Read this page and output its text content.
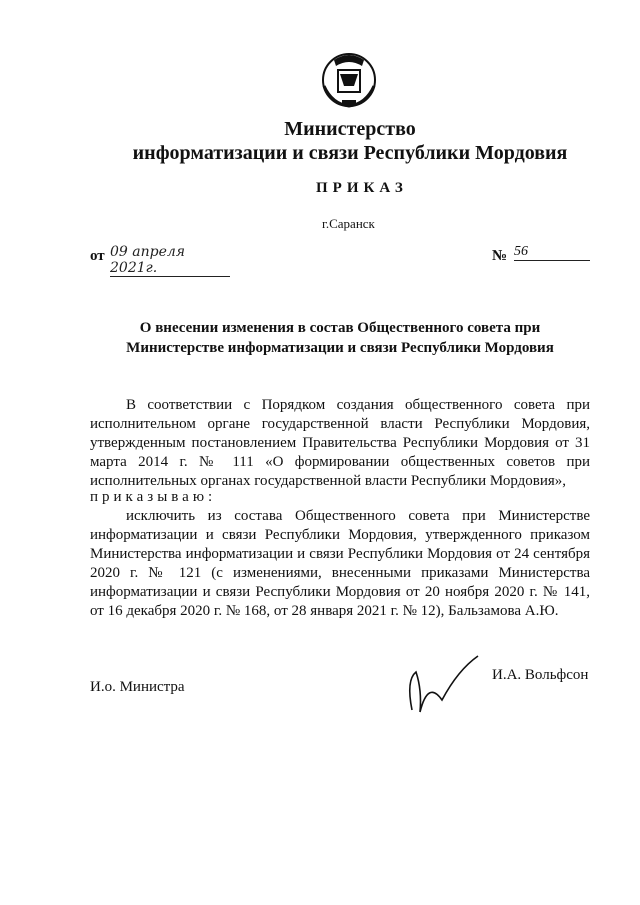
Министерство
информатизации и связи Республики Мордовия
ПРИКАЗ
г.Саранск
от 09 апреля 2021г.
№ 56
О внесении изменения в состав Общественного совета при Министерстве информатизации и связи Республики Мордовия
В соответствии с Порядком создания общественного совета при исполнительном органе государственной власти Республики Мордовия, утвержденным постановлением Правительства Республики Мордовия от 31 марта 2014 г. № 111 «О формировании общественных советов при исполнительных органах государственной власти Республики Мордовия»,
приказываю:
исключить из состава Общественного совета при Министерстве информатизации и связи Республики Мордовия, утвержденного приказом Министерства информатизации и связи Республики Мордовия от 24 сентября 2020 г. № 121 (с изменениями, внесенными приказами Министерства информатизации и связи Республики Мордовия от 20 ноября 2020 г. № 141, от 16 декабря 2020 г. № 168, от 28 января 2021 г. № 12), Бальзамова А.Ю.
И.о. Министра
И.А. Вольфсон
